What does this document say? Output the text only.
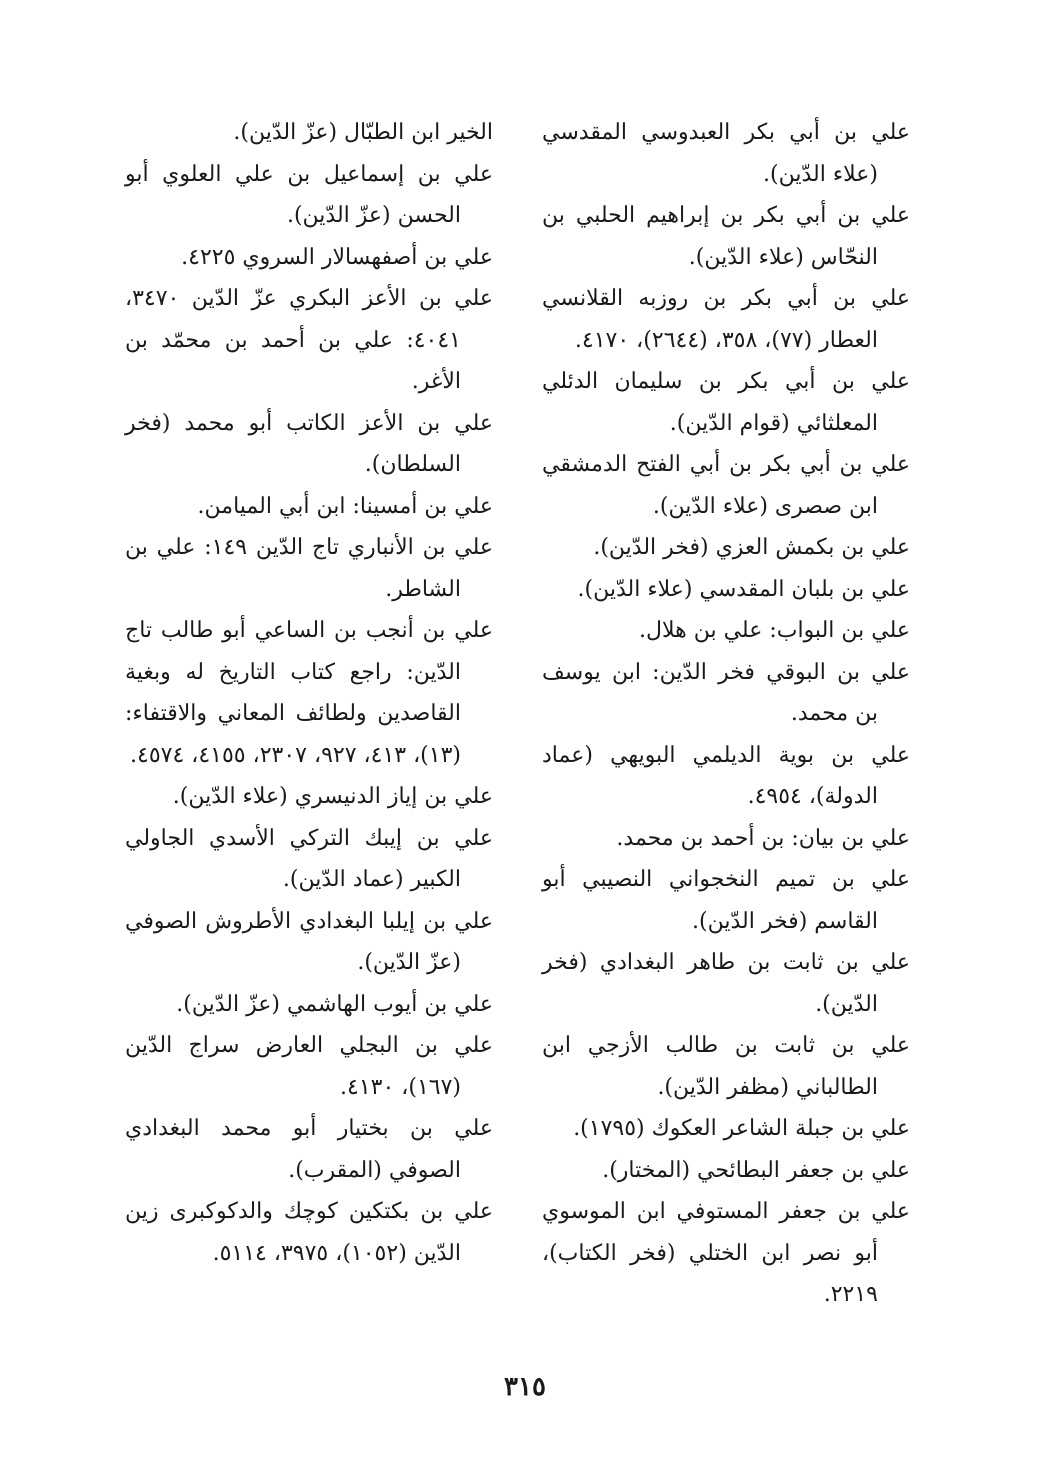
الخير ابن الطبّال (عزّ الدّين).

علي بن إسماعيل بن علي العلوي أبو الحسن (عزّ الدّين).

علي بن أصفهسالار السروي ٤٢٢٥.

علي بن الأعز البكري عزّ الدّين ٣٤٧٠، ٤٠٤١: علي بن أحمد بن محمّد بن الأغر.

علي بن الأعز الكاتب أبو محمد (فخر السلطان).

علي بن أمسينا: ابن أبي الميامن.

علي بن الأنباري تاج الدّين ١٤٩: علي بن الشاطر.

علي بن أنجب بن الساعي أبو طالب تاج الدّين: راجع كتاب التاريخ له وبغية القاصدين ولطائف المعاني والاقتفاء: (١٣)، ٤١٣، ٩٢٧، ٢٣٠٧، ٤١٥٥، ٤٥٧٤.

علي بن إياز الدنيسري (علاء الدّين).

علي بن إيبك التركي الأسدي الجاولي الكبير (عماد الدّين).

علي بن إيلبا البغدادي الأطروش الصوفي (عزّ الدّين).

علي بن أيوب الهاشمي (عزّ الدّين).

علي بن البجلي العارض سراج الدّين (١٦٧)، ٤١٣٠.

علي بن بختيار أبو محمد البغدادي الصوفي (المقرب).

علي بن بكتكين كوچك والدكوكبرى زين الدّين (١٠٥٢)، ٣٩٧٥، ٥١١٤.

علي بن أبي بكر العبدوسي المقدسي (علاء الدّين).

علي بن أبي بكر بن إبراهيم الحلبي بن النحّاس (علاء الدّين).

علي بن أبي بكر بن روزبه القلانسي العطار (٧٧)، ٣٥٨، (٢٦٤٤)، ٤١٧٠.

علي بن أبي بكر بن سليمان الدئلي المعلثائي (قوام الدّين).

علي بن أبي بكر بن أبي الفتح الدمشقي ابن صصرى (علاء الدّين).

علي بن بكمش العزي (فخر الدّين).

علي بن بلبان المقدسي (علاء الدّين).

علي بن البواب: علي بن هلال.

علي بن البوقي فخر الدّين: ابن يوسف بن محمد.

علي بن بوية الديلمي البويهي (عماد الدولة)، ٤٩٥٤.

علي بن بيان: بن أحمد بن محمد.

علي بن تميم النخجواني النصيبي أبو القاسم (فخر الدّين).

علي بن ثابت بن طاهر البغدادي (فخر الدّين).

علي بن ثابت بن طالب الأزجي ابن الطالباني (مظفر الدّين).

علي بن جبلة الشاعر العكوك (١٧٩٥).

علي بن جعفر البطائحي (المختار).

علي بن جعفر المستوفي ابن الموسوي أبو نصر ابن الختلي (فخر الكتاب)، ٢٢١٩.

٣١٥
